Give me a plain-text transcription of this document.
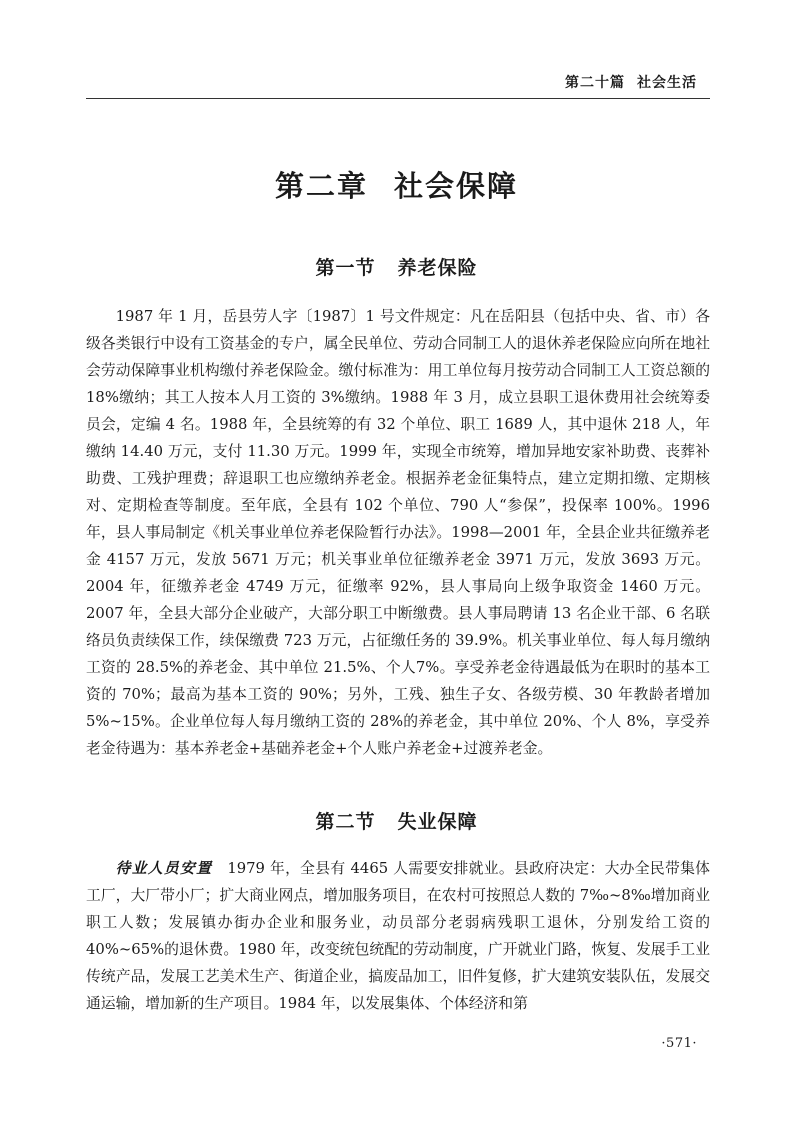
第二十篇 社会生活
第二章 社会保障
第一节 养老保险

1987 年 1 月，岳县劳人字〔1987〕1 号文件规定：凡在岳阳县（包括中央、省、市）各级各类银行中设有工资基金的专户，属全民单位、劳动合同制工人的退休养老保险应向所在地社会劳动保障事业机构缴付养老保险金。缴付标准为：用工单位每月按劳动合同制工人工资总额的 18%缴纳；其工人按本人月工资的 3%缴纳。1988 年 3 月，成立县职工退休费用社会统筹委员会，定编 4 名。1988 年，全县统筹的有 32 个单位、职工 1689 人，其中退休 218 人，年缴纳 14.40 万元，支付 11.30 万元。1999 年，实现全市统筹，增加异地安家补助费、丧葬补助费、工残护理费；辞退职工也应缴纳养老金。根据养老金征集特点，建立定期扣缴、定期核对、定期检查等制度。至年底，全县有 102 个单位、790 人“参保”，投保率 100%。1996 年，县人事局制定《机关事业单位养老保险暂行办法》。1998—2001 年，全县企业共征缴养老金 4157 万元，发放 5671 万元；机关事业单位征缴养老金 3971 万元，发放 3693 万元。2004 年，征缴养老金 4749 万元，征缴率 92%，县人事局向上级争取资金 1460 万元。2007 年，全县大部分企业破产，大部分职工中断缴费。县人事局聘请 13 名企业干部、6 名联络员负责续保工作，续保缴费 723 万元，占征缴任务的 39.9%。机关事业单位、每人每月缴纳工资的 28.5%的养老金、其中单位 21.5%、个人7%。享受养老金待遇最低为在职时的基本工资的 70%；最高为基本工资的 90%；另外，工残、独生子女、各级劳模、30 年教龄者增加 5%~15%。企业单位每人每月缴纳工资的 28%的养老金，其中单位 20%、个人 8%，享受养老金待遇为：基本养老金+基础养老金+个人账户养老金+过渡养老金。

第二节 失业保障

待业人员安置　 1979 年，全县有 4465 人需要安排就业。县政府决定：大办全民带集体工厂，大厂带小厂；扩大商业网点，增加服务项目，在农村可按照总人数的 7‰~8‰增加商业职工人数；发展镇办街办企业和服务业，动员部分老弱病残职工退休，分别发给工资的 40%~65%的退休费。1980 年，改变统包统配的劳动制度，广开就业门路，恢复、发展手工业传统产品，发展工艺美术生产、街道企业，搞废品加工，旧件复修，扩大建筑安装队伍，发展交通运输，增加新的生产项目。1984 年，以发展集体、个体经济和第

·571·
